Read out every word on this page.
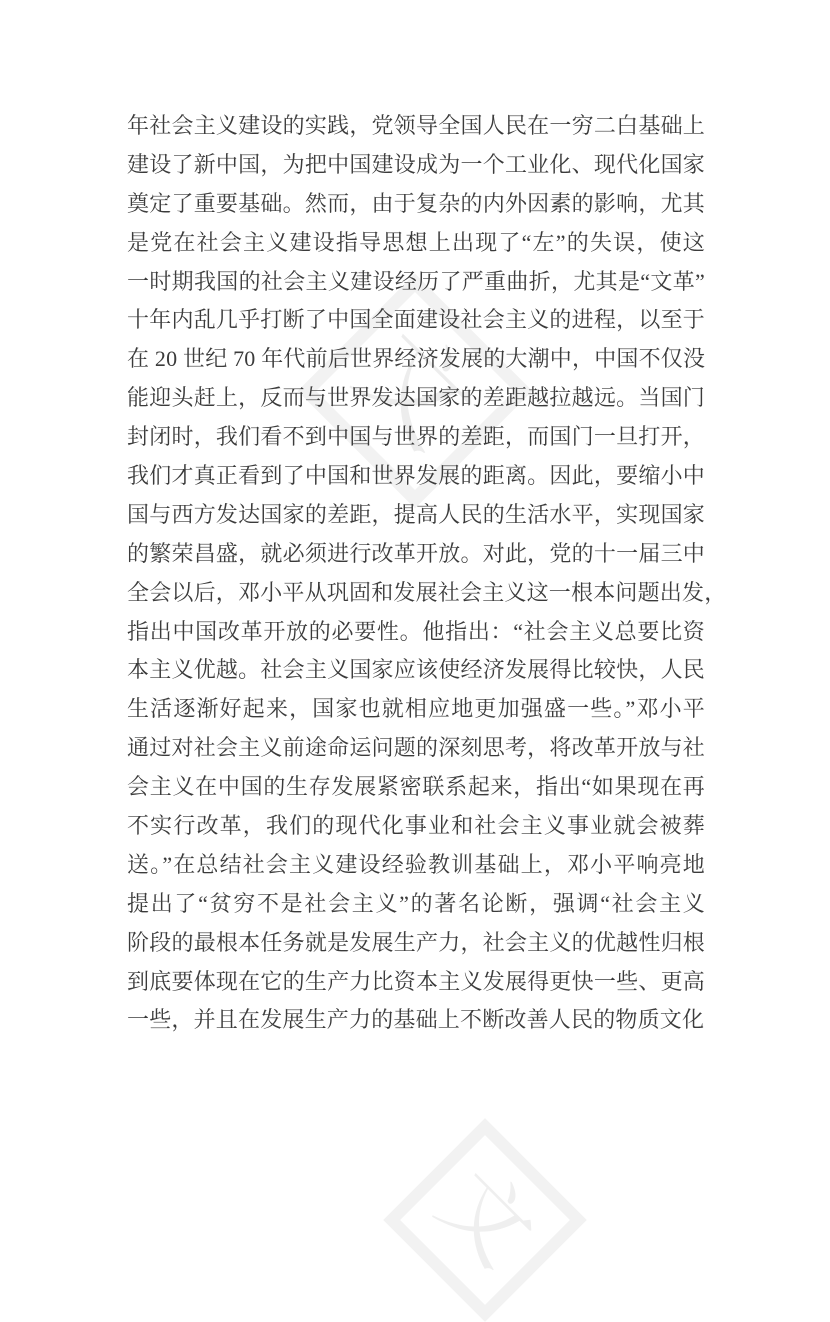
文
文
年社会主义建设的实践，党领导全国人民在一穷二白基础上
建设了新中国，为把中国建设成为一个工业化、现代化国家
奠定了重要基础。然而，由于复杂的内外因素的影响，尤其
是党在社会主义建设指导思想上出现了“左”的失误，使这
一时期我国的社会主义建设经历了严重曲折，尤其是“文革”
十年内乱几乎打断了中国全面建设社会主义的进程，以至于
在 20 世纪 70 年代前后世界经济发展的大潮中，中国不仅没
能迎头赶上，反而与世界发达国家的差距越拉越远。当国门
封闭时，我们看不到中国与世界的差距，而国门一旦打开，
我们才真正看到了中国和世界发展的距离。因此，要缩小中
国与西方发达国家的差距，提高人民的生活水平，实现国家
的繁荣昌盛，就必须进行改革开放。对此，党的十一届三中
全会以后，邓小平从巩固和发展社会主义这一根本问题出发，
指出中国改革开放的必要性。他指出：“社会主义总要比资
本主义优越。社会主义国家应该使经济发展得比较快，人民
生活逐渐好起来，国家也就相应地更加强盛一些。”邓小平
通过对社会主义前途命运问题的深刻思考，将改革开放与社
会主义在中国的生存发展紧密联系起来，指出“如果现在再
不实行改革，我们的现代化事业和社会主义事业就会被葬
送。”在总结社会主义建设经验教训基础上，邓小平响亮地
提出了“贫穷不是社会主义”的著名论断，强调“社会主义
阶段的最根本任务就是发展生产力，社会主义的优越性归根
到底要体现在它的生产力比资本主义发展得更快一些、更高
一些，并且在发展生产力的基础上不断改善人民的物质文化
